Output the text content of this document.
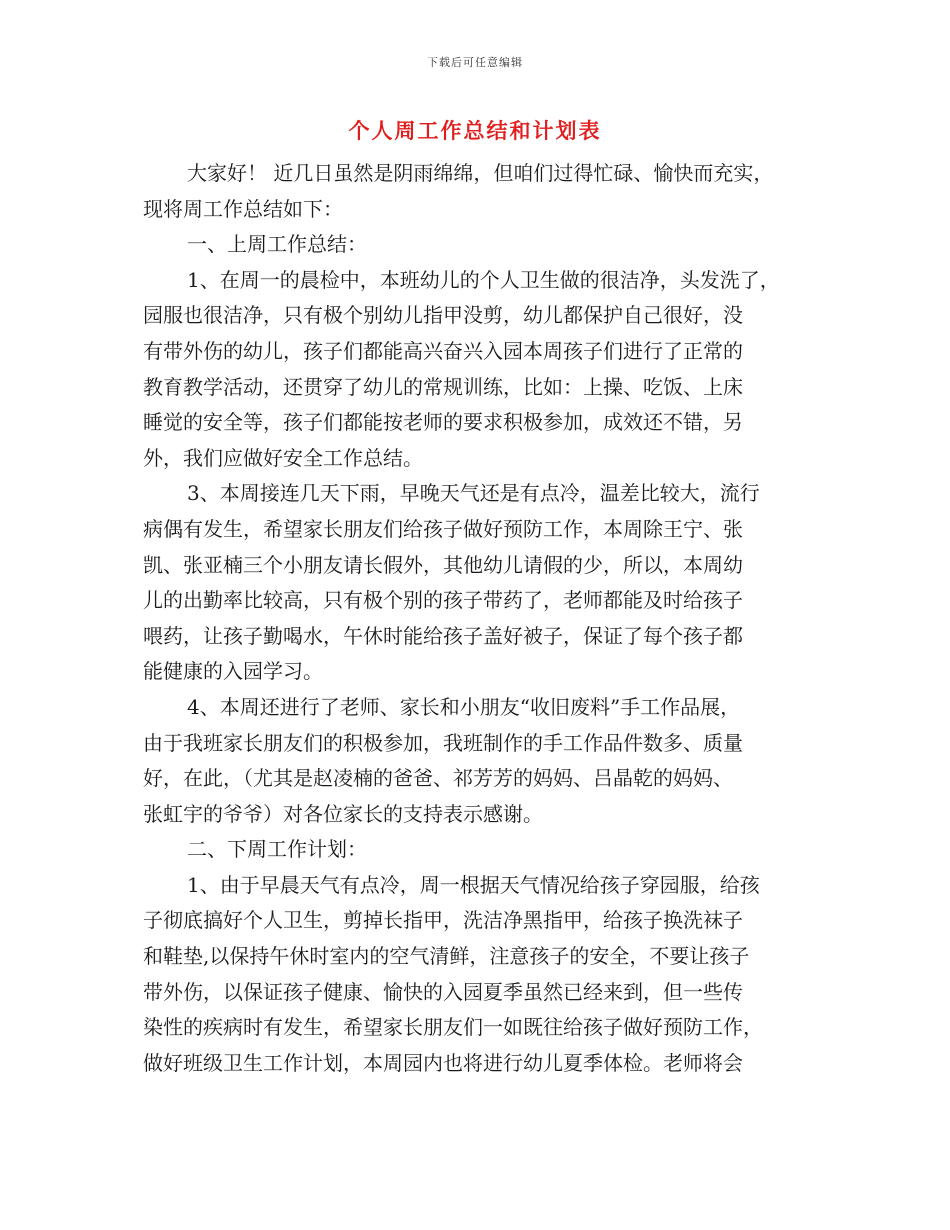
下载后可任意编辑
个人周工作总结和计划表

大家好！ 近几日虽然是阴雨绵绵，但咱们过得忙碌、愉快而充实，
现将周工作总结如下：

一、上周工作总结：

1、在周一的晨检中，本班幼儿的个人卫生做的很洁净，头发洗了，
园服也很洁净，只有极个别幼儿指甲没剪，幼儿都保护自己很好，没
有带外伤的幼儿，孩子们都能高兴奋兴入园本周孩子们进行了正常的
教育教学活动，还贯穿了幼儿的常规训练，比如：上操、吃饭、上床
睡觉的安全等，孩子们都能按老师的要求积极参加，成效还不错，另
外，我们应做好安全工作总结。

3、本周接连几天下雨，早晚天气还是有点冷，温差比较大，流行
病偶有发生，希望家长朋友们给孩子做好预防工作，本周除王宁、张
凯、张亚楠三个小朋友请长假外，其他幼儿请假的少，所以，本周幼
儿的出勤率比较高，只有极个别的孩子带药了，老师都能及时给孩子
喂药，让孩子勤喝水，午休时能给孩子盖好被子，保证了每个孩子都
能健康的入园学习。

4、本周还进行了老师、家长和小朋友“收旧废料”手工作品展，
由于我班家长朋友们的积极参加，我班制作的手工作品件数多、质量
好，在此，（尤其是赵凌楠的爸爸、祁芳芳的妈妈、吕晶乾的妈妈、
张虹宇的爷爷）对各位家长的支持表示感谢。

二、下周工作计划：

1、由于早晨天气有点冷，周一根据天气情况给孩子穿园服，给孩
子彻底搞好个人卫生，剪掉长指甲，洗洁净黑指甲，给孩子换洗袜子
和鞋垫,以保持午休时室内的空气清鲜，注意孩子的安全，不要让孩子
带外伤，以保证孩子健康、愉快的入园夏季虽然已经来到，但一些传
染性的疾病时有发生，希望家长朋友们一如既往给孩子做好预防工作，
做好班级卫生工作计划，本周园内也将进行幼儿夏季体检。老师将会
